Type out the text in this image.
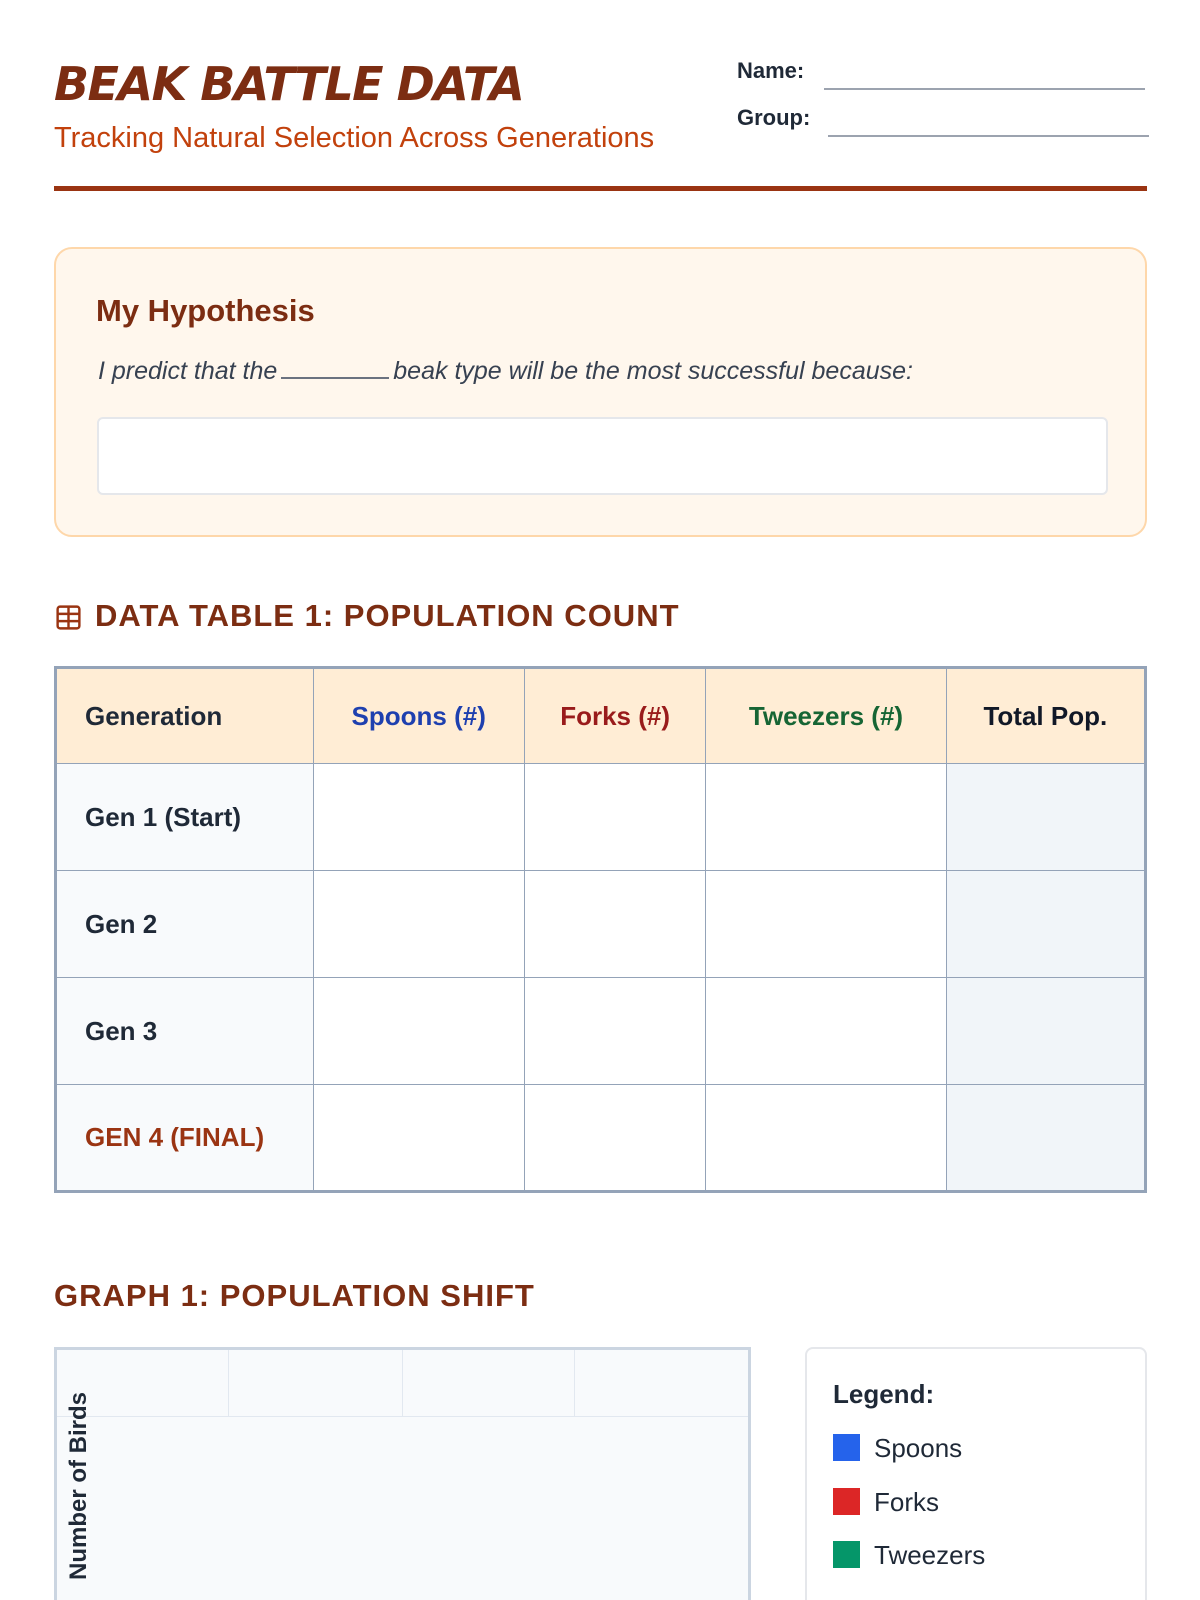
BEAK BATTLE DATA
Tracking Natural Selection Across Generations
Name:
Group:
My Hypothesis
I predict that the	beak type will be the most successful because:
DATA TABLE 1: POPULATION COUNT
Generation	Spoons (#)	Forks (#)	Tweezers (#)	Total Pop.
Gen 1 (Start)				
Gen 2				
Gen 3				
GEN 4 (FINAL)				
GRAPH 1: POPULATION SHIFT
Number of Birds	Legend:
Spoons
Forks
Tweezers
